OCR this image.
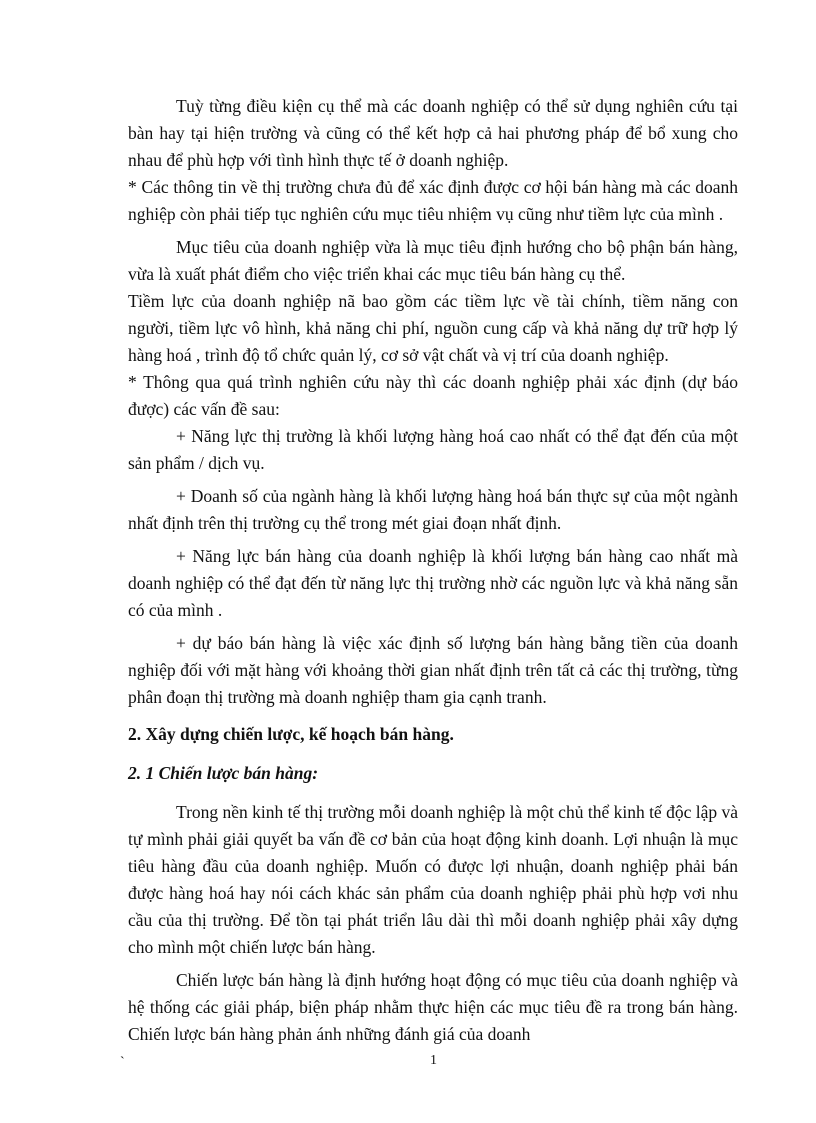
Tuỳ từng điều kiện cụ thể mà các doanh nghiệp có thể sử dụng nghiên cứu tại bàn hay tại hiện trường và cũng có thể kết hợp cả hai phương pháp để bổ xung cho nhau để phù hợp với tình hình thực tế ở doanh nghiệp.

* Các thông tin về thị trường chưa đủ để xác định được cơ hội bán hàng mà các doanh nghiệp còn phải tiếp tục nghiên cứu mục tiêu nhiệm vụ cũng như tiềm lực của mình .

Mục tiêu của doanh nghiệp vừa là mục tiêu định hướng cho bộ phận bán hàng, vừa là xuất phát điểm cho việc triển khai các mục tiêu bán hàng cụ thể.

Tiềm lực của doanh nghiệp nã bao gồm các tiềm lực về tài chính, tiềm năng con người, tiềm lực vô hình, khả năng chi phí, nguồn cung cấp và khả năng dự trữ hợp lý hàng hoá , trình độ tổ chức quản lý, cơ sở vật chất và vị trí của doanh nghiệp.

* Thông qua quá trình nghiên cứu này thì các doanh nghiệp phải xác định (dự báo được) các vấn đề sau:

+ Năng lực thị trường là khối lượng hàng hoá cao nhất có thể đạt đến của một sản phẩm / dịch vụ.

+ Doanh số của ngành hàng là khối lượng hàng hoá bán thực sự của một ngành nhất định trên thị trường cụ thể trong mét giai đoạn nhất định.

+ Năng lực bán hàng của doanh nghiệp là khối lượng bán hàng cao nhất mà doanh nghiệp có thể đạt đến từ năng lực thị trường nhờ các nguồn lực và khả năng sẵn có của mình .

+ dự báo bán hàng là việc xác định số lượng bán hàng bằng tiền của doanh nghiệp đối với mặt hàng với khoảng thời gian nhất định trên tất cả các thị trường, từng phân đoạn thị trường mà doanh nghiệp tham gia cạnh tranh.

2. Xây dựng chiến lược, kế hoạch bán hàng.

2. 1 Chiến lược bán hàng:

Trong nền kinh tế thị trường mỗi doanh nghiệp là một chủ thể kinh tế độc lập và tự mình phải giải quyết ba vấn đề cơ bản của hoạt động kinh doanh. Lợi nhuận là mục tiêu hàng đầu của doanh nghiệp. Muốn có được lợi nhuận, doanh nghiệp phải bán được hàng hoá hay nói cách khác sản phẩm của doanh nghiệp phải phù hợp vơi nhu cầu của thị trường. Để tồn tại phát triển lâu dài thì mỗi doanh nghiệp phải xây dựng cho mình một chiến lược bán hàng.

Chiến lược bán hàng là định hướng hoạt động có mục tiêu của doanh nghiệp và hệ thống các giải pháp, biện pháp nhằm thực hiện các mục tiêu đề ra trong bán hàng. Chiến lược bán hàng phản ánh những đánh giá của doanh

`	1
